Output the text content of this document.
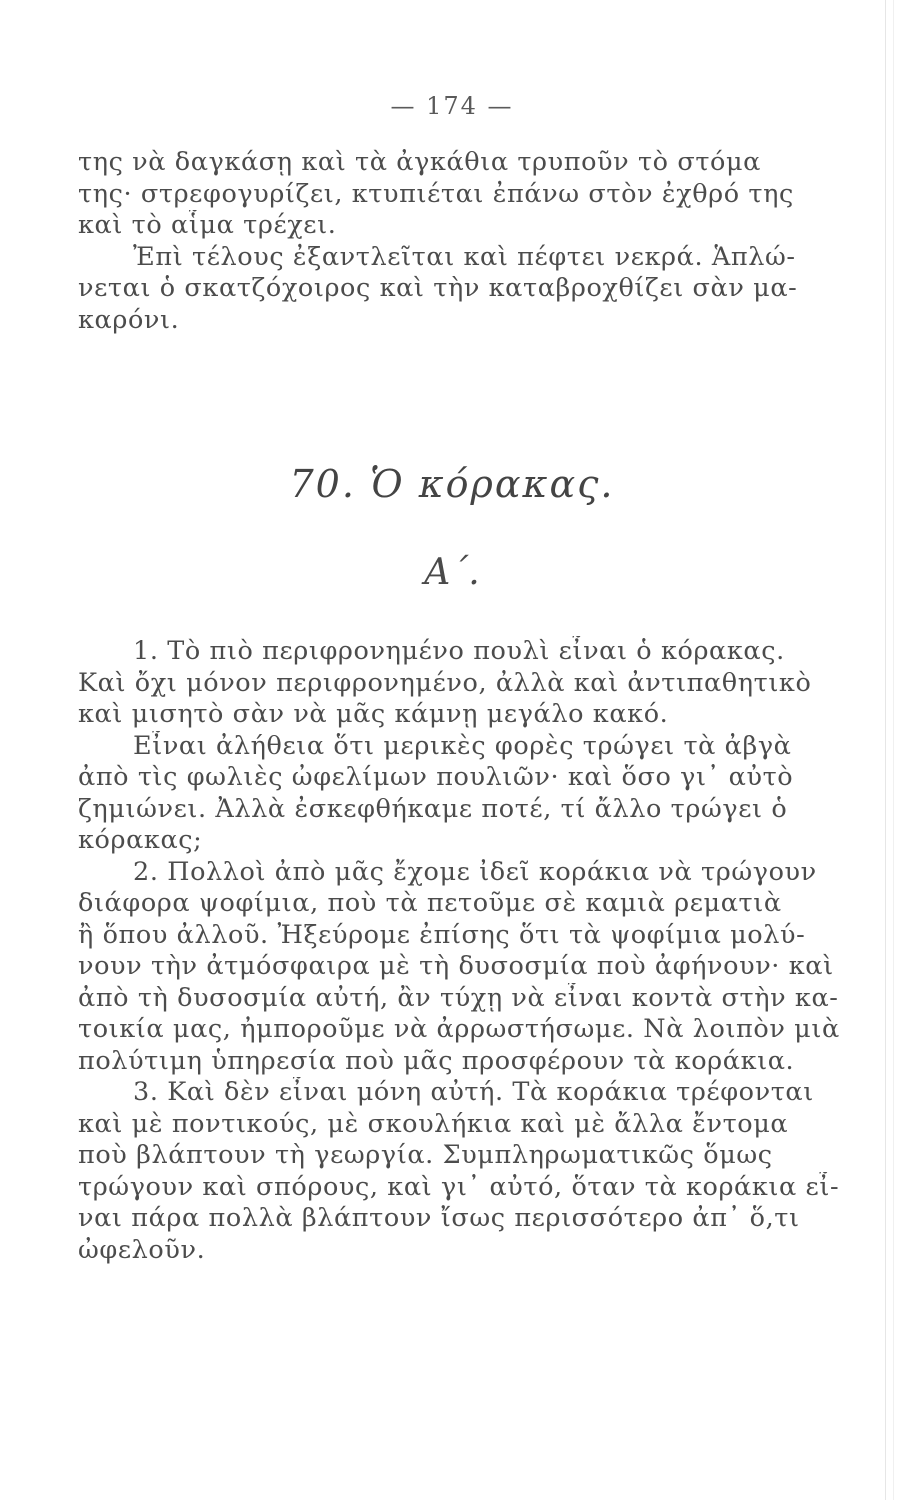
— 174 —
της νὰ δαγκάσῃ καὶ τὰ ἀγκάθια τρυποῦν τὸ στόμα
της· στρεφογυρίζει, κτυπιέται ἐπάνω στὸν ἐχθρό της
καὶ τὸ αἷμα τρέχει.
Ἐπὶ τέλους ἐξαντλεῖται καὶ πέφτει νεκρά. Ἁπλώ-
νεται ὁ σκατζόχοιρος καὶ τὴν καταβροχθίζει σὰν μα-
καρόνι.
70. Ὁ κόρακας.
Α΄.
1. Τὸ πιὸ περιφρονημένο πουλὶ εἶναι ὁ κόρακας.
Καὶ ὄχι μόνον περιφρονημένο, ἀλλὰ καὶ ἀντιπαθητικὸ
καὶ μισητὸ σὰν νὰ μᾶς κάμνῃ μεγάλο κακό.
Εἶναι ἀλήθεια ὅτι μερικὲς φορὲς τρώγει τὰ ἀβγὰ
ἀπὸ τὶς φωλιὲς ὠφελίμων πουλιῶν· καὶ ὅσο γι᾽ αὐτὸ
ζημιώνει. Ἀλλὰ ἐσκεφθήκαμε ποτέ, τί ἄλλο τρώγει ὁ
κόρακας;
2. Πολλοὶ ἀπὸ μᾶς ἔχομε ἰδεῖ κοράκια νὰ τρώγουν
διάφορα ψοφίμια, ποὺ τὰ πετοῦμε σὲ καμιὰ ρεματιὰ
ἢ ὅπου ἀλλοῦ. Ἠξεύρομε ἐπίσης ὅτι τὰ ψοφίμια μολύ-
νουν τὴν ἀτμόσφαιρα μὲ τὴ δυσοσμία ποὺ ἀφήνουν· καὶ
ἀπὸ τὴ δυσοσμία αὐτή, ἂν τύχῃ νὰ εἶναι κοντὰ στὴν κα-
τοικία μας, ἠμποροῦμε νὰ ἀρρωστήσωμε. Νὰ λοιπὸν μιὰ
πολύτιμη ὑπηρεσία ποὺ μᾶς προσφέρουν τὰ κοράκια.
3. Καὶ δὲν εἶναι μόνη αὐτή. Τὰ κοράκια τρέφονται
καὶ μὲ ποντικούς, μὲ σκουλήκια καὶ μὲ ἄλλα ἔντομα
ποὺ βλάπτουν τὴ γεωργία. Συμπληρωματικῶς ὅμως
τρώγουν καὶ σπόρους, καὶ γι᾽ αὐτό, ὅταν τὰ κοράκια εἶ-
ναι πάρα πολλὰ βλάπτουν ἴσως περισσότερο ἀπ᾽ ὅ,τι
ὠφελοῦν.
